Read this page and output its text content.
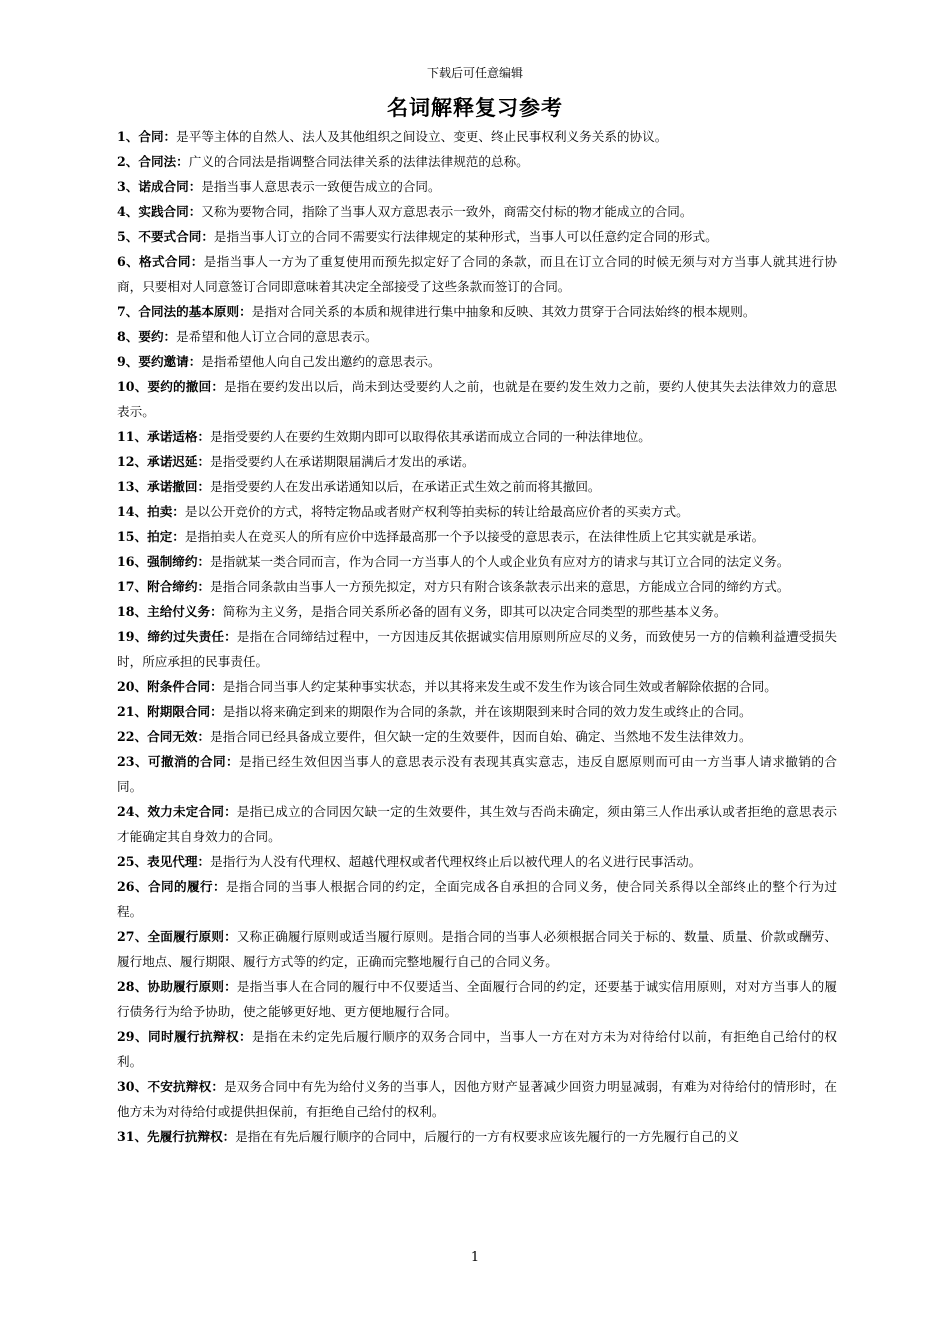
下载后可任意编辑
名词解释复习参考

1、合同：是平等主体的自然人、法人及其他组织之间设立、变更、终止民事权利义务关系的协议。

2、合同法：广义的合同法是指调整合同法律关系的法律法律规范的总称。

3、诺成合同：是指当事人意思表示一致便告成立的合同。

4、实践合同：又称为要物合同，指除了当事人双方意思表示一致外，商需交付标的物才能成立的合同。

5、不要式合同：是指当事人订立的合同不需要实行法律规定的某种形式，当事人可以任意约定合同的形式。

6、格式合同：是指当事人一方为了重复使用而预先拟定好了合同的条款，而且在订立合同的时候无须与对方当事人就其进行协商，只要相对人同意签订合同即意味着其决定全部接受了这些条款而签订的合同。

7、合同法的基本原则：是指对合同关系的本质和规律进行集中抽象和反映、其效力贯穿于合同法始终的根本规则。

8、要约：是希望和他人订立合同的意思表示。

9、要约邀请：是指希望他人向自己发出邀约的意思表示。

10、要约的撤回：是指在要约发出以后，尚未到达受要约人之前，也就是在要约发生效力之前，要约人使其失去法律效力的意思表示。

11、承诺适格：是指受要约人在要约生效期内即可以取得依其承诺而成立合同的一种法律地位。

12、承诺迟延：是指受要约人在承诺期限届满后才发出的承诺。

13、承诺撤回：是指受要约人在发出承诺通知以后，在承诺正式生效之前而将其撤回。

14、拍卖：是以公开竞价的方式，将特定物品或者财产权利等拍卖标的转让给最高应价者的买卖方式。

15、拍定：是指拍卖人在竞买人的所有应价中选择最高那一个予以接受的意思表示，在法律性质上它其实就是承诺。

16、强制缔约：是指就某一类合同而言，作为合同一方当事人的个人或企业负有应对方的请求与其订立合同的法定义务。

17、附合缔约：是指合同条款由当事人一方预先拟定，对方只有附合该条款表示出来的意思，方能成立合同的缔约方式。

18、主给付义务：简称为主义务，是指合同关系所必备的固有义务，即其可以决定合同类型的那些基本义务。

19、缔约过失责任：是指在合同缔结过程中，一方因违反其依据诚实信用原则所应尽的义务，而致使另一方的信赖利益遭受损失时，所应承担的民事责任。

20、附条件合同：是指合同当事人约定某种事实状态，并以其将来发生或不发生作为该合同生效或者解除依据的合同。

21、附期限合同：是指以将来确定到来的期限作为合同的条款，并在该期限到来时合同的效力发生或终止的合同。

22、合同无效：是指合同已经具备成立要件，但欠缺一定的生效要件，因而自始、确定、当然地不发生法律效力。

23、可撤消的合同：是指已经生效但因当事人的意思表示没有表现其真实意志，违反自愿原则而可由一方当事人请求撤销的合同。

24、效力未定合同：是指已成立的合同因欠缺一定的生效要件，其生效与否尚未确定，须由第三人作出承认或者拒绝的意思表示才能确定其自身效力的合同。

25、表见代理：是指行为人没有代理权、超越代理权或者代理权终止后以被代理人的名义进行民事活动。

26、合同的履行：是指合同的当事人根据合同的约定，全面完成各自承担的合同义务，使合同关系得以全部终止的整个行为过程。

27、全面履行原则：又称正确履行原则或适当履行原则。是指合同的当事人必须根据合同关于标的、数量、质量、价款或酬劳、履行地点、履行期限、履行方式等的约定，正确而完整地履行自己的合同义务。

28、协助履行原则：是指当事人在合同的履行中不仅要适当、全面履行合同的约定，还要基于诚实信用原则，对对方当事人的履行债务行为给予协助，使之能够更好地、更方便地履行合同。

29、同时履行抗辩权：是指在未约定先后履行顺序的双务合同中，当事人一方在对方未为对待给付以前，有拒绝自己给付的权利。

30、不安抗辩权：是双务合同中有先为给付义务的当事人，因他方财产显著减少回资力明显减弱，有难为对待给付的情形时，在他方未为对待给付或提供担保前，有拒绝自己给付的权利。

31、先履行抗辩权：是指在有先后履行顺序的合同中，后履行的一方有权要求应该先履行的一方先履行自己的义

1
